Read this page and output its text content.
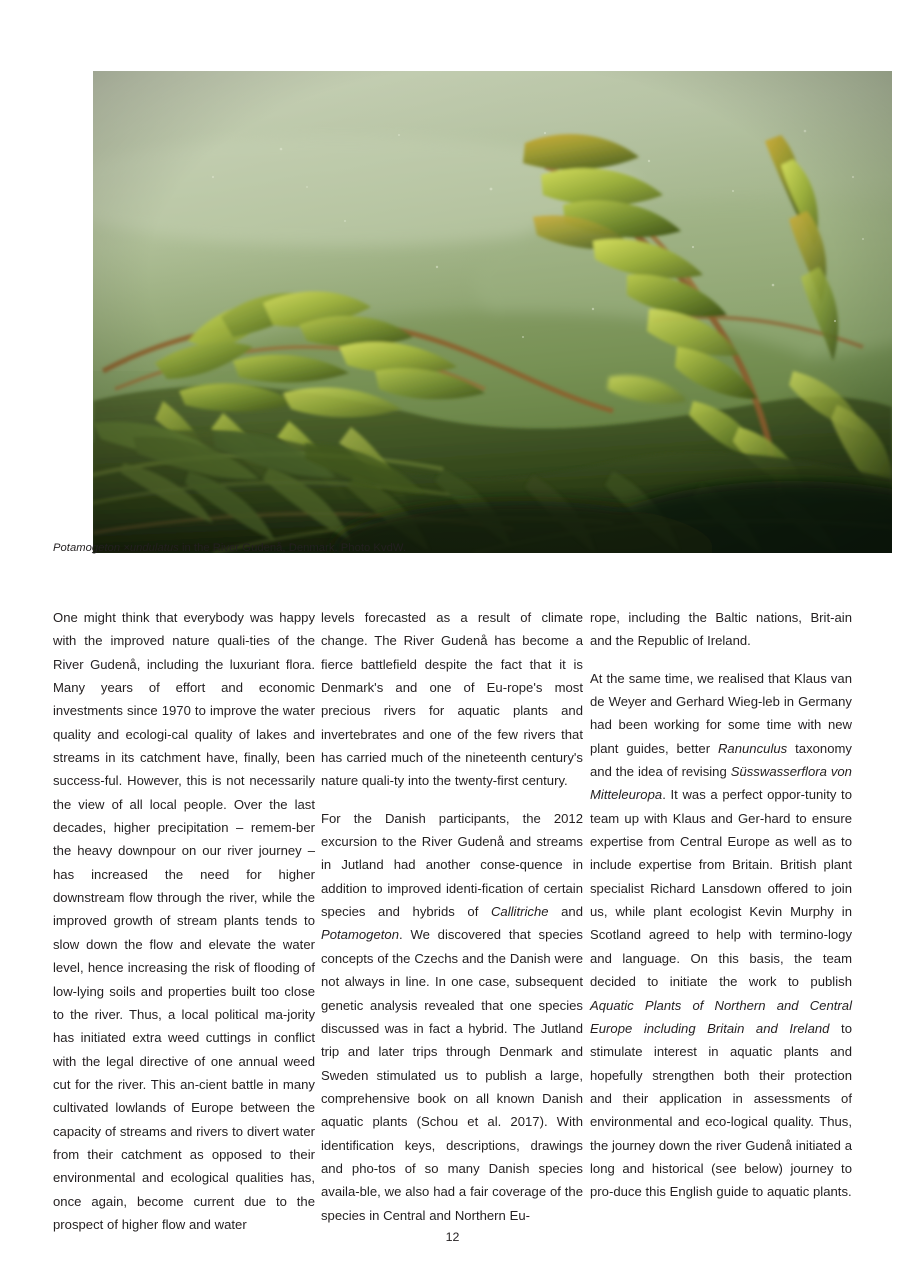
Potamogeton ×undulatus in the River Gudenå, Denmark. Photo KvdW.

One might think that everybody was happy with the improved nature quali-ties of the River Gudenå, including the luxuriant flora. Many years of effort and economic investments since 1970 to improve the water quality and ecologi-cal quality of lakes and streams in its catchment have, finally, been success-ful. However, this is not necessarily the view of all local people. Over the last decades, higher precipitation – remem-ber the heavy downpour on our river journey – has increased the need for higher downstream flow through the river, while the improved growth of stream plants tends to slow down the flow and elevate the water level, hence increasing the risk of flooding of low-lying soils and properties built too close to the river. Thus, a local political ma-jority has initiated extra weed cuttings in conflict with the legal directive of one annual weed cut for the river. This an-cient battle in many cultivated lowlands of Europe between the capacity of streams and rivers to divert water from their catchment as opposed to their environmental and ecological qualities has, once again, become current due to the prospect of higher flow and water

levels forecasted as a result of climate change. The River Gudenå has become a fierce battlefield despite the fact that it is Denmark's and one of Eu-rope's most precious rivers for aquatic plants and invertebrates and one of the few rivers that has carried much of the nineteenth century's nature quali-ty into the twenty-first century.

For the Danish participants, the 2012 excursion to the River Gudenå and streams in Jutland had another conse-quence in addition to improved identi-fication of certain species and hybrids of Callitriche and Potamogeton. We discovered that species concepts of the Czechs and the Danish were not always in line. In one case, subsequent genetic analysis revealed that one species discussed was in fact a hybrid. The Jutland trip and later trips through Denmark and Sweden stimulated us to publish a large, comprehensive book on all known Danish aquatic plants (Schou et al. 2017). With identification keys, descriptions, drawings and pho-tos of so many Danish species availa-ble, we also had a fair coverage of the species in Central and Northern Eu-

rope, including the Baltic nations, Brit-ain and the Republic of Ireland.

At the same time, we realised that Klaus van de Weyer and Gerhard Wieg-leb in Germany had been working for some time with new plant guides, better Ranunculus taxonomy and the idea of revising Süsswasserflora von Mitteleuropa. It was a perfect oppor-tunity to team up with Klaus and Ger-hard to ensure expertise from Central Europe as well as to include expertise from Britain. British plant specialist Richard Lansdown offered to join us, while plant ecologist Kevin Murphy in Scotland agreed to help with termino-logy and language. On this basis, the team decided to initiate the work to publish Aquatic Plants of Northern and Central Europe including Britain and Ireland to stimulate interest in aquatic plants and hopefully strengthen both their protection and their application in assessments of environmental and eco-logical quality. Thus, the journey down the river Gudenå initiated a long and historical (see below) journey to pro-duce this English guide to aquatic plants.

12
